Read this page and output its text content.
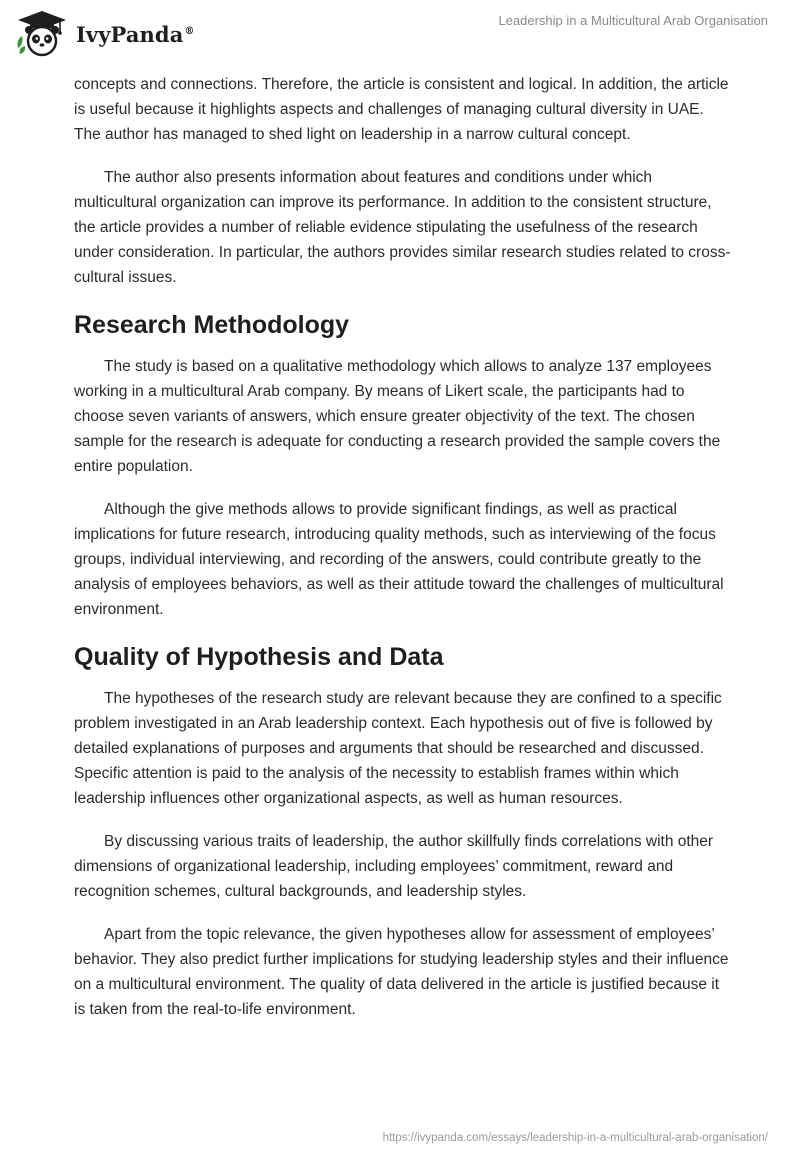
IvyPanda®
Leadership in a Multicultural Arab Organisation

concepts and connections. Therefore, the article is consistent and logical. In addition, the article is useful because it highlights aspects and challenges of managing cultural diversity in UAE. The author has managed to shed light on leadership in a narrow cultural concept.

The author also presents information about features and conditions under which multicultural organization can improve its performance. In addition to the consistent structure, the article provides a number of reliable evidence stipulating the usefulness of the research under consideration. In particular, the authors provides similar research studies related to cross-cultural issues.

Research Methodology

The study is based on a qualitative methodology which allows to analyze 137 employees working in a multicultural Arab company. By means of Likert scale, the participants had to choose seven variants of answers, which ensure greater objectivity of the text. The chosen sample for the research is adequate for conducting a research provided the sample covers the entire population.

Although the give methods allows to provide significant findings, as well as practical implications for future research, introducing quality methods, such as interviewing of the focus groups, individual interviewing, and recording of the answers, could contribute greatly to the analysis of employees behaviors, as well as their attitude toward the challenges of multicultural environment.

Quality of Hypothesis and Data

The hypotheses of the research study are relevant because they are confined to a specific problem investigated in an Arab leadership context. Each hypothesis out of five is followed by detailed explanations of purposes and arguments that should be researched and discussed. Specific attention is paid to the analysis of the necessity to establish frames within which leadership influences other organizational aspects, as well as human resources.

By discussing various traits of leadership, the author skillfully finds correlations with other dimensions of organizational leadership, including employees’ commitment, reward and recognition schemes, cultural backgrounds, and leadership styles.

Apart from the topic relevance, the given hypotheses allow for assessment of employees’ behavior. They also predict further implications for studying leadership styles and their influence on a multicultural environment. The quality of data delivered in the article is justified because it is taken from the real-to-life environment.

https://ivypanda.com/essays/leadership-in-a-multicultural-arab-organisation/
